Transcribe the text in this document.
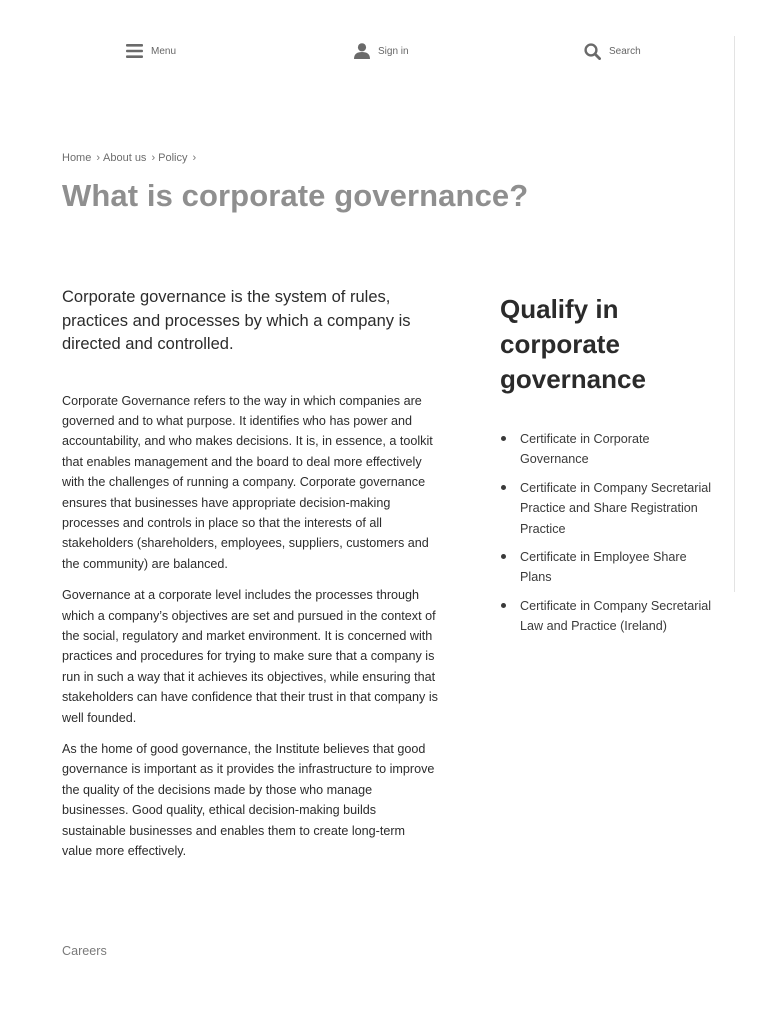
Menu	Sign in	Search
Home › About us › Policy ›
What is corporate governance?

Corporate governance is the system of rules, practices and processes by which a company is directed and controlled.

Corporate Governance refers to the way in which companies are governed and to what purpose. It identifies who has power and accountability, and who makes decisions. It is, in essence, a toolkit that enables management and the board to deal more effectively with the challenges of running a company. Corporate governance ensures that businesses have appropriate decision-making processes and controls in place so that the interests of all stakeholders (shareholders, employees, suppliers, customers and the community) are balanced.

Governance at a corporate level includes the processes through which a company’s objectives are set and pursued in the context of the social, regulatory and market environment. It is concerned with practices and procedures for trying to make sure that a company is run in such a way that it achieves its objectives, while ensuring that stakeholders can have confidence that their trust in that company is well founded.

As the home of good governance, the Institute believes that good governance is important as it provides the infrastructure to improve the quality of the decisions made by those who manage businesses. Good quality, ethical decision-making builds sustainable businesses and enables them to create long-term value more effectively.

Qualify in corporate governance
Certificate in Corporate Governance
Certificate in Company Secretarial Practice and Share Registration Practice
Certificate in Employee Share Plans
Certificate in Company Secretarial Law and Practice (Ireland)
Careers
